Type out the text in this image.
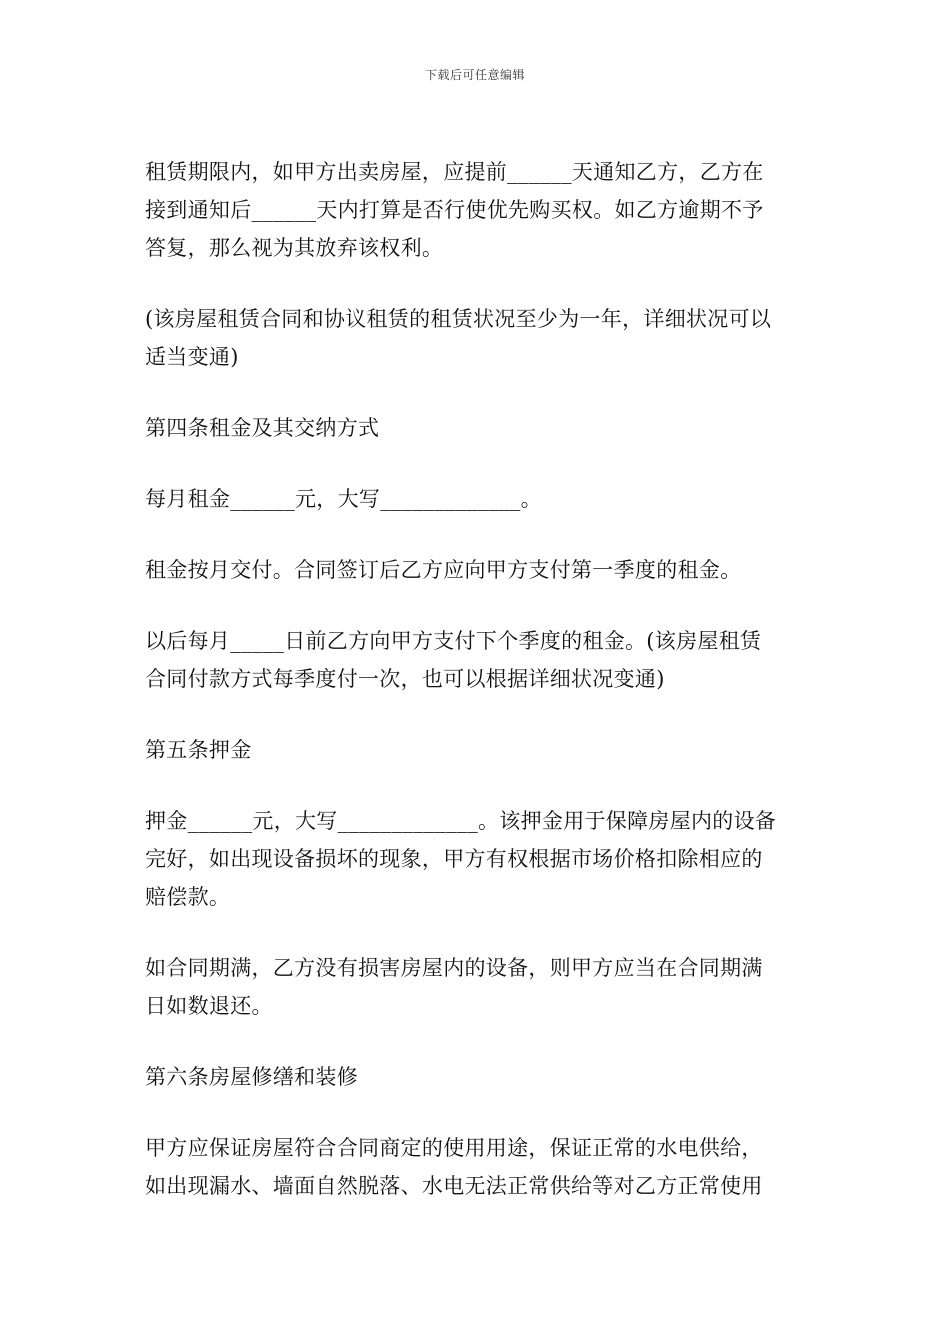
下载后可任意编辑

租赁期限内，如甲方出卖房屋，应提前______天通知乙方，乙方在
接到通知后______天内打算是否行使优先购买权。如乙方逾期不予
答复，那么视为其放弃该权利。

(该房屋租赁合同和协议租赁的租赁状况至少为一年，详细状况可以
适当变通)

第四条租金及其交纳方式

每月租金______元，大写_____________。

租金按月交付。合同签订后乙方应向甲方支付第一季度的租金。

以后每月_____日前乙方向甲方支付下个季度的租金。(该房屋租赁
合同付款方式每季度付一次，也可以根据详细状况变通)

第五条押金

押金______元，大写_____________。该押金用于保障房屋内的设备
完好，如出现设备损坏的现象，甲方有权根据市场价格扣除相应的
赔偿款。

如合同期满，乙方没有损害房屋内的设备，则甲方应当在合同期满
日如数退还。

第六条房屋修缮和装修

甲方应保证房屋符合合同商定的使用用途，保证正常的水电供给，
如出现漏水、墙面自然脱落、水电无法正常供给等对乙方正常使用
